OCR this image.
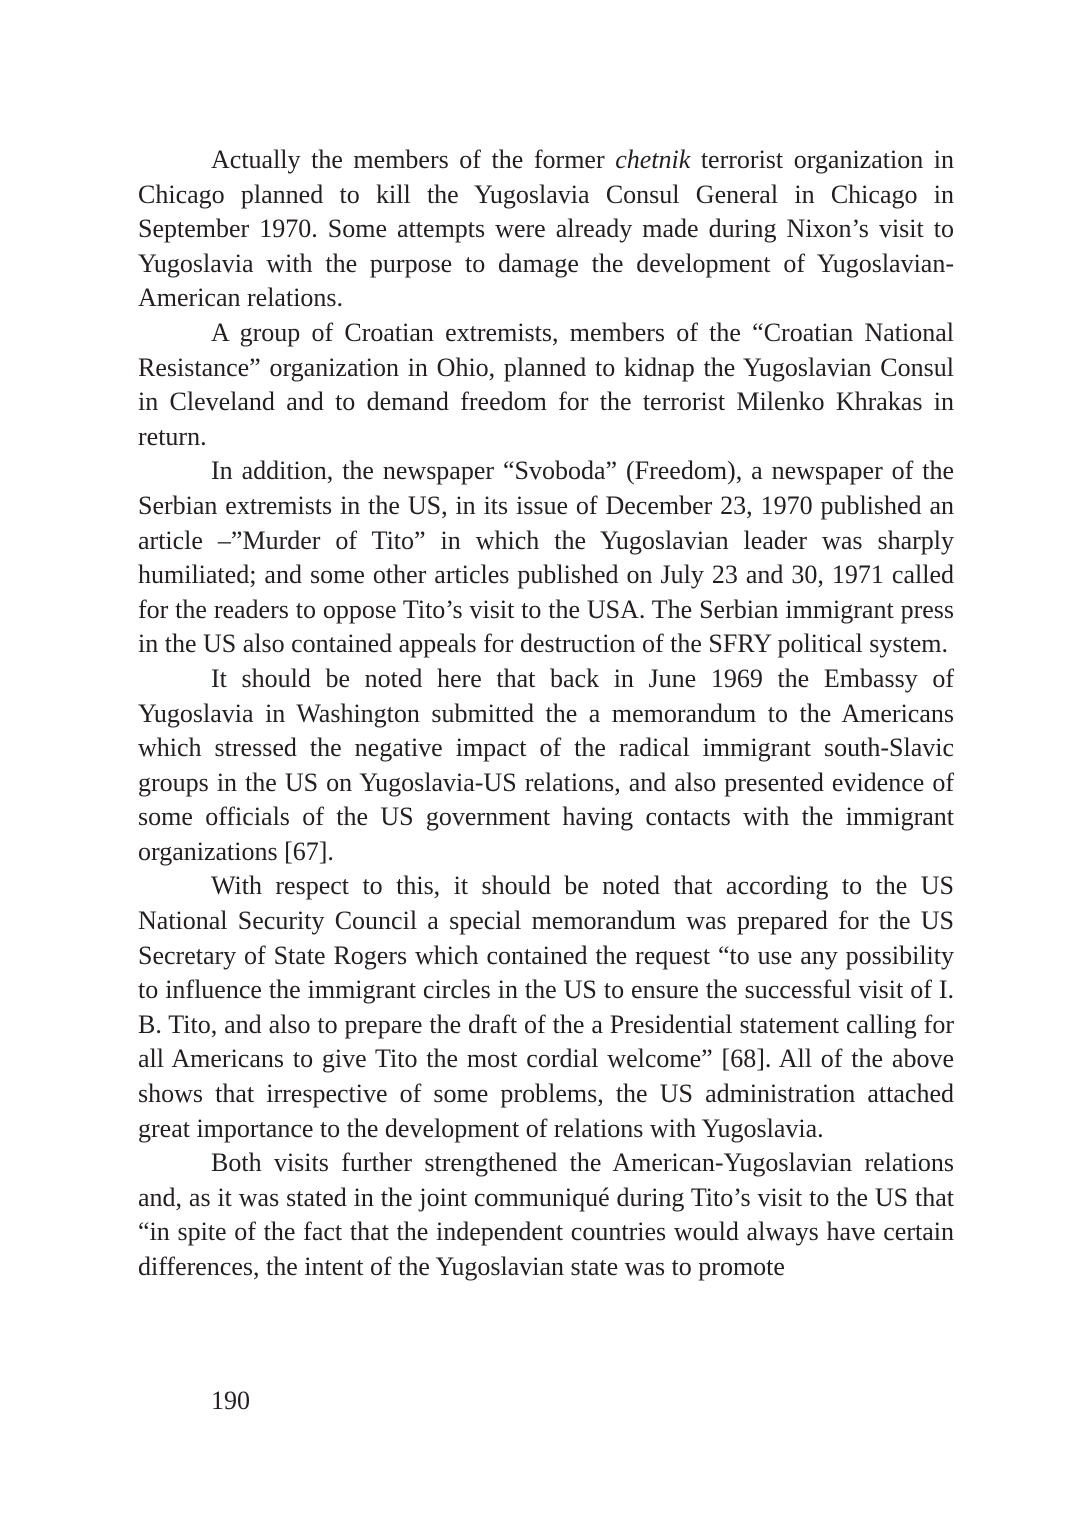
Actually the members of the former chetnik terrorist organization in Chicago planned to kill the Yugoslavia Consul General in Chicago in September 1970. Some attempts were already made during Nixon’s visit to Yugoslavia with the purpose to damage the development of Yugoslavian-American relations.

A group of Croatian extremists, members of the “Croatian National Resistance” organization in Ohio, planned to kidnap the Yugoslavian Consul in Cleveland and to demand freedom for the terrorist Milenko Khrakas in return.

In addition, the newspaper “Svoboda” (Freedom), a newspaper of the Serbian extremists in the US, in its issue of December 23, 1970 published an article –”Murder of Tito” in which the Yugoslavian leader was sharply humiliated; and some other articles published on July 23 and 30, 1971 called for the readers to oppose Tito’s visit to the USA. The Serbian immigrant press in the US also contained appeals for destruction of the SFRY political system.

It should be noted here that back in June 1969 the Embassy of Yugoslavia in Washington submitted the a memorandum to the Americans which stressed the negative impact of the radical immigrant south-Slavic groups in the US on Yugoslavia-US relations, and also presented evidence of some officials of the US government having contacts with the immigrant organizations [67].

With respect to this, it should be noted that according to the US National Security Council a special memorandum was prepared for the US Secretary of State Rogers which contained the request “to use any possibility to influence the immigrant circles in the US to ensure the successful visit of I. B. Tito, and also to prepare the draft of the a Presidential statement calling for all Americans to give Tito the most cordial welcome” [68]. All of the above shows that irrespective of some problems, the US administration attached great importance to the development of relations with Yugoslavia.

Both visits further strengthened the American-Yugoslavian relations and, as it was stated in the joint communiqué during Tito’s visit to the US that “in spite of the fact that the independent countries would always have certain differences, the intent of the Yugoslavian state was to promote

190
